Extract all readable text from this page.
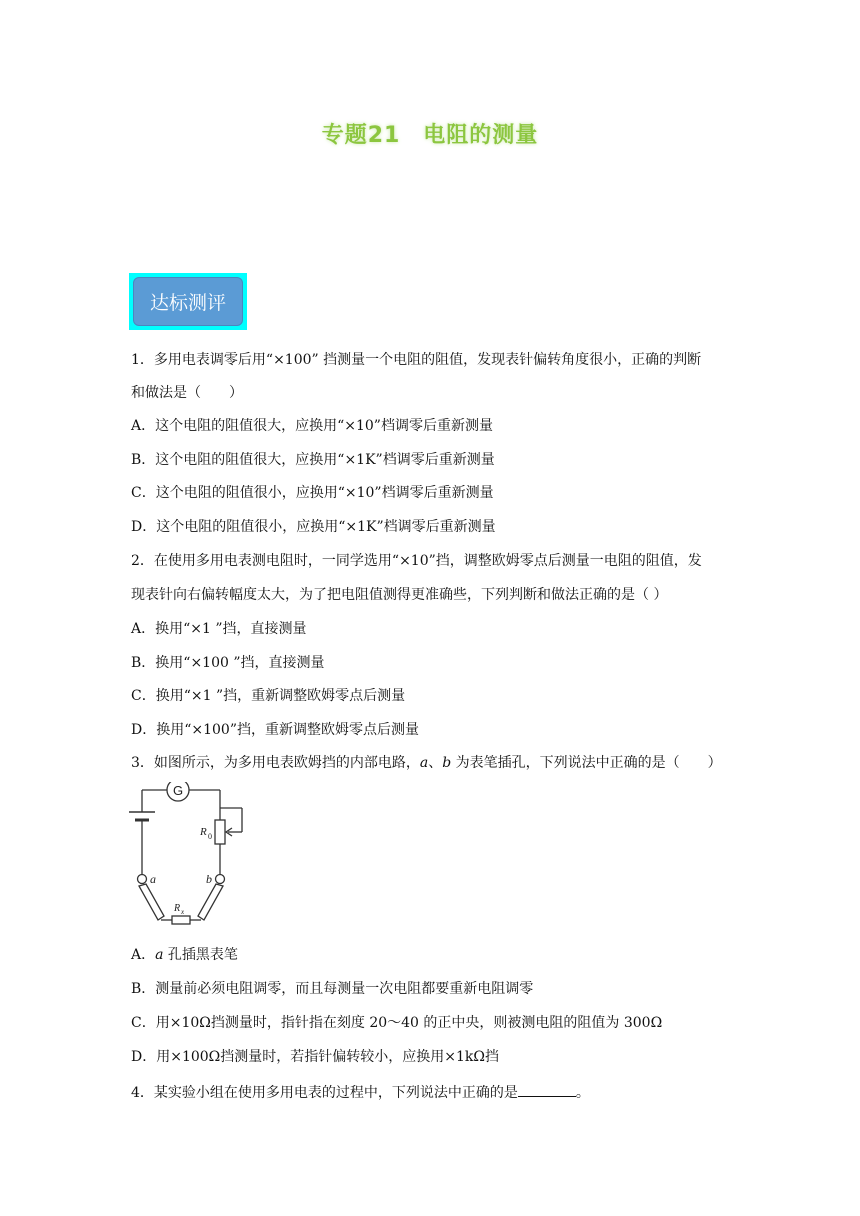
专题21　电阻的测量
达标测评
1．多用电表调零后用“×100” 挡测量一个电阻的阻值，发现表针偏转角度很小，正确的判断
和做法是（　　）
A．这个电阻的阻值很大，应换用“×10”档调零后重新测量
B．这个电阻的阻值很大，应换用“×1K”档调零后重新测量
C．这个电阻的阻值很小，应换用“×10”档调零后重新测量
D．这个电阻的阻值很小，应换用“×1K”档调零后重新测量
2．在使用多用电表测电阻时，一同学选用“×10”挡，调整欧姆零点后测量一电阻的阻值，发
现表针向右偏转幅度太大，为了把电阻值测得更准确些，下列判断和做法正确的是（ ）
A．换用“×1 ”挡，直接测量
B．换用“×100 ”挡，直接测量
C．换用“×1 ”挡，重新调整欧姆零点后测量
D．换用“×100”挡，重新调整欧姆零点后测量
3．如图所示，为多用电表欧姆挡的内部电路，a、b 为表笔插孔，下列说法中正确的是（　　）
G
R 0
a	b
R x
A．a 孔插黑表笔
B．测量前必须电阻调零，而且每测量一次电阻都要重新电阻调零
C．用×10Ω挡测量时，指针指在刻度 20～40 的正中央，则被测电阻的阻值为 300Ω
D．用×100Ω挡测量时，若指针偏转较小，应换用×1kΩ挡
4．某实验小组在使用多用电表的过程中，下列说法中正确的是	。
